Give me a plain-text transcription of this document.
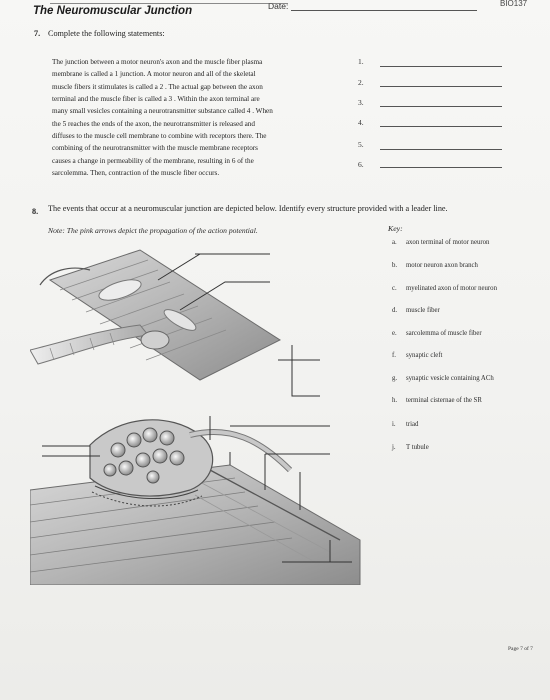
The Neuromuscular Junction	Date:	BIO137
7. Complete the following statements:
The junction between a motor neuron's axon and the muscle fiber plasma
membrane is called a 1 junction. A motor neuron and all of the skeletal
muscle fibers it stimulates is called a 2 . The actual gap between the axon
terminal and the muscle fiber is called a 3 . Within the axon terminal are
many small vesicles containing a neurotransmitter substance called 4 . When
the 5 reaches the ends of the axon, the neurotransmitter is released and
diffuses to the muscle cell membrane to combine with receptors there. The
combining of the neurotransmitter with the muscle membrane receptors
causes a change in permeability of the membrane, resulting in 6 of the
sarcolemma. Then, contraction of the muscle fiber occurs.
1.
2.
3.
4.
5.
6.
8. The events that occur at a neuromuscular junction are depicted below. Identify every structure provided with a leader line.
Note: The pink arrows depict the propagation of the action potential.	Key:
a. axon terminal of motor neuron
b. motor neuron axon branch
c. myelinated axon of motor neuron
d. muscle fiber
e. sarcolemma of muscle fiber
f. synaptic cleft
g. synaptic vesicle containing ACh
h. terminal cisternae of the SR
i. triad
j. T tubule
Page 7 of 7
